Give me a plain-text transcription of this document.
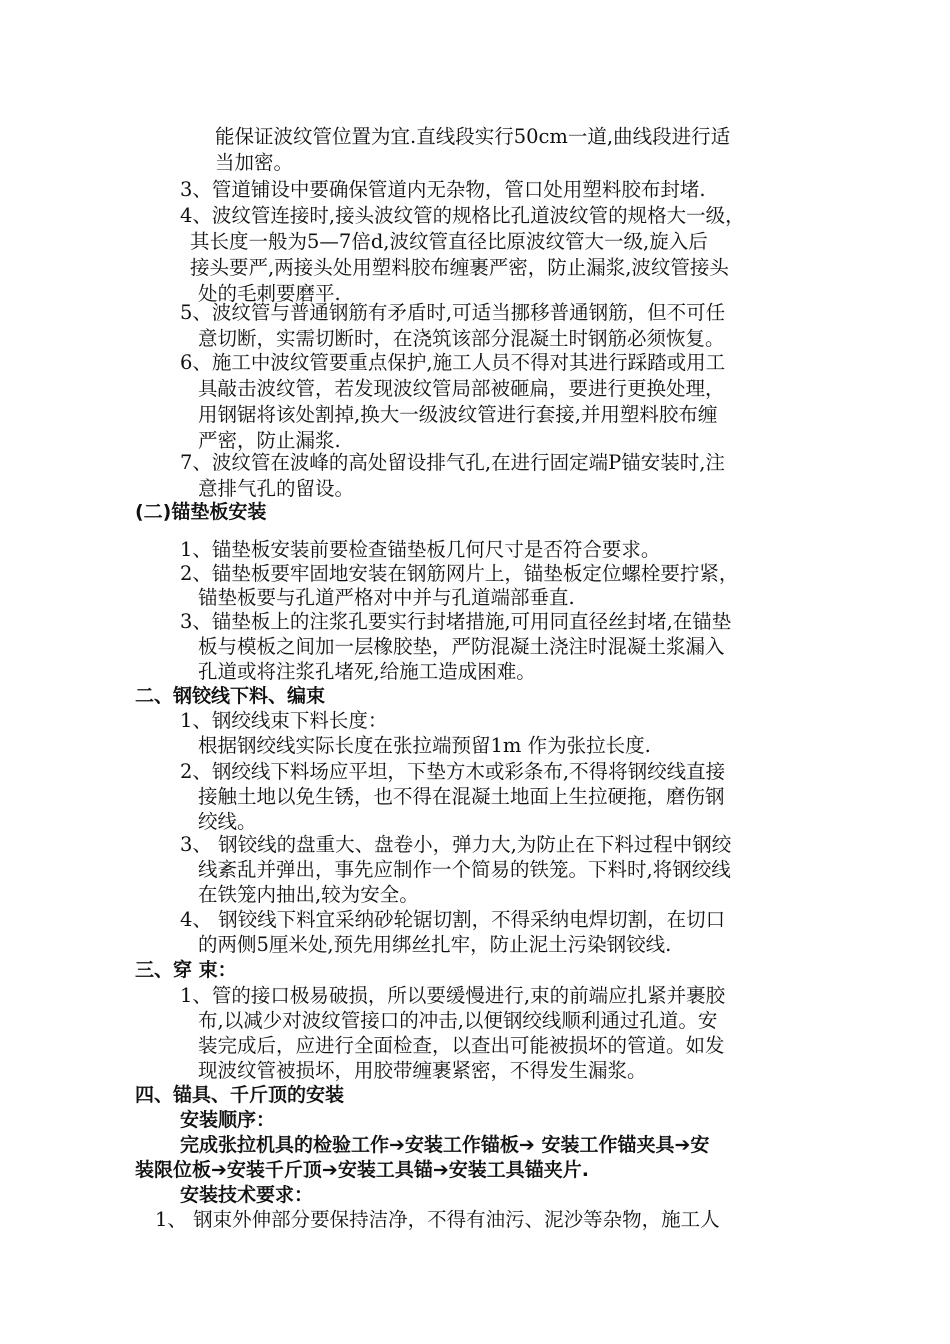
能保证波纹管位置为宜.直线段实行50cm一道,曲线段进行适
当加密。
3、管道铺设中要确保管道内无杂物，管口处用塑料胶布封堵.
4、波纹管连接时,接头波纹管的规格比孔道波纹管的规格大一级，
其长度一般为5—7倍d,波纹管直径比原波纹管大一级,旋入后
接头要严,两接头处用塑料胶布缠裹严密，防止漏浆,波纹管接头
处的毛刺要磨平.
5、波纹管与普通钢筋有矛盾时,可适当挪移普通钢筋，但不可任
意切断，实需切断时，在浇筑该部分混凝土时钢筋必须恢复。
6、施工中波纹管要重点保护,施工人员不得对其进行踩踏或用工
具敲击波纹管，若发现波纹管局部被砸扁，要进行更换处理，
用钢锯将该处割掉,换大一级波纹管进行套接,并用塑料胶布缠
严密，防止漏浆.
7、波纹管在波峰的高处留设排气孔,在进行固定端P锚安装时,注
意排气孔的留设。
(二)锚垫板安装
1、锚垫板安装前要检查锚垫板几何尺寸是否符合要求。
2、锚垫板要牢固地安装在钢筋网片上，锚垫板定位螺栓要拧紧，
锚垫板要与孔道严格对中并与孔道端部垂直.
3、锚垫板上的注浆孔要实行封堵措施,可用同直径丝封堵,在锚垫
板与模板之间加一层橡胶垫，严防混凝土浇注时混凝土浆漏入
孔道或将注浆孔堵死,给施工造成困难。
二、钢铰线下料、编束
1、钢绞线束下料长度：
根据钢绞线实际长度在张拉端预留1m 作为张拉长度.
2、钢绞线下料场应平坦，下垫方木或彩条布,不得将钢绞线直接
接触土地以免生锈，也不得在混凝土地面上生拉硬拖，磨伤钢
绞线。
3、 钢铰线的盘重大、盘卷小，弹力大,为防止在下料过程中钢绞
线紊乱并弹出，事先应制作一个简易的铁笼。下料时,将钢绞线
在铁笼内抽出,较为安全。
4、 钢铰线下料宜采纳砂轮锯切割，不得采纳电焊切割，在切口
的两侧5厘米处,预先用绑丝扎牢，防止泥土污染钢铰线.
三、穿 束：
1、管的接口极易破损，所以要缓慢进行,束的前端应扎紧并裹胶
布,以减少对波纹管接口的冲击,以便钢绞线顺利通过孔道。安
装完成后，应进行全面检查，以查出可能被损坏的管道。如发
现波纹管被损坏，用胶带缠裹紧密，不得发生漏浆。
四、锚具、千斤顶的安装
安装顺序：
完成张拉机具的检验工作➔安装工作锚板➔ 安装工作锚夹具➔安
装限位板➔安装千斤顶➔安装工具锚➔安装工具锚夹片.
安装技术要求：
1、 钢束外伸部分要保持洁净，不得有油污、泥沙等杂物，施工人
